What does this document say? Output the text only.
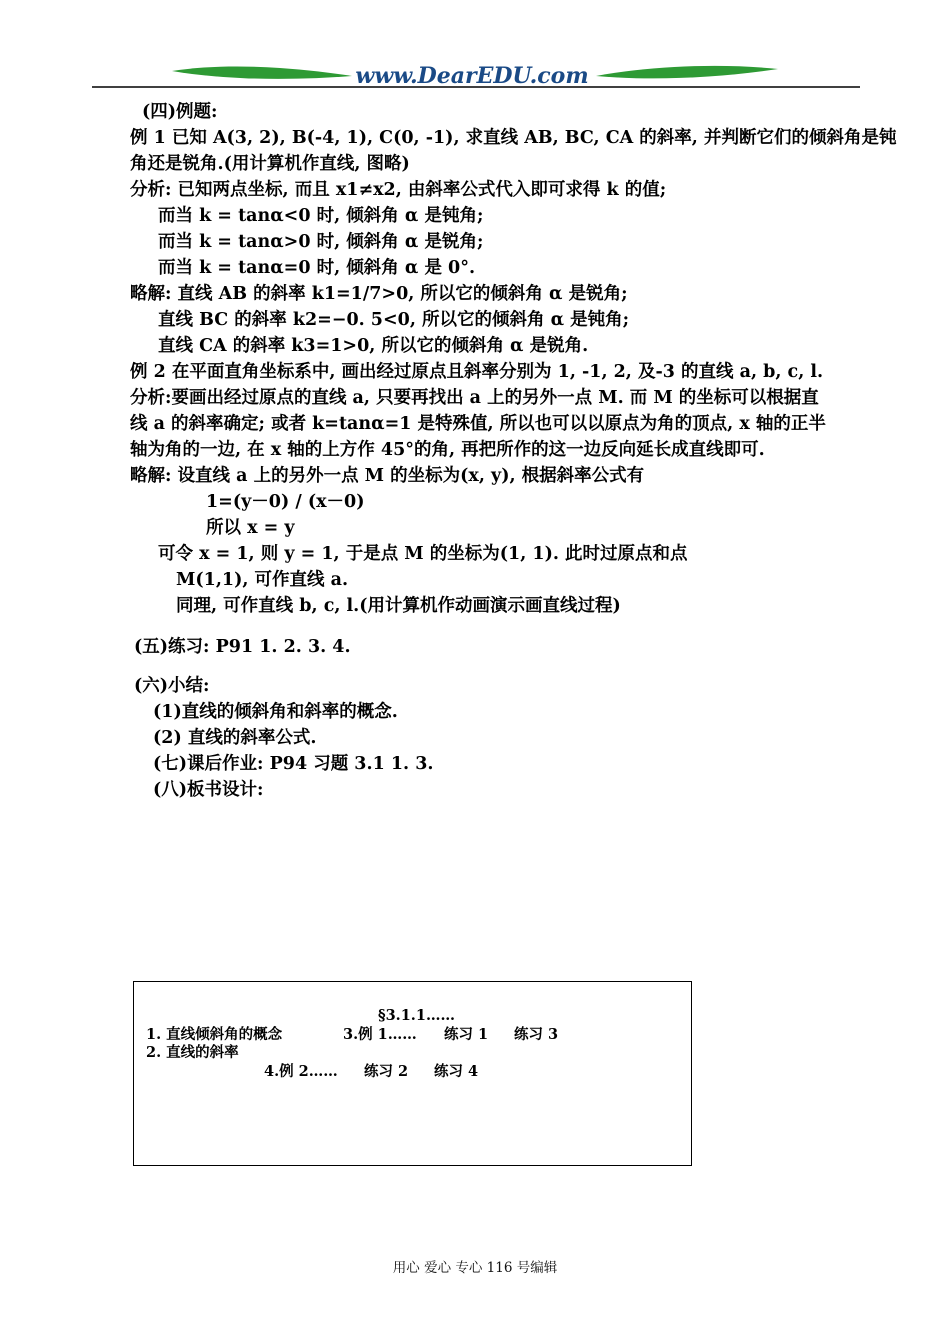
www.DearEDU.com
(四)例题:
例 1 已知 A(3, 2), B(-4, 1), C(0, -1), 求直线 AB, BC, CA 的斜率, 并判断它们的倾斜角是钝
角还是锐角.(用计算机作直线, 图略)
分析: 已知两点坐标, 而且 x1≠x2, 由斜率公式代入即可求得 k 的值;
而当 k = tanα<0 时, 倾斜角 α 是钝角;
而当 k = tanα>0 时, 倾斜角 α 是锐角;
而当 k = tanα=0 时, 倾斜角 α 是 0°.
略解: 直线 AB 的斜率 k1=1/7>0, 所以它的倾斜角 α 是锐角;
直线 BC 的斜率 k2=−0. 5<0, 所以它的倾斜角 α 是钝角;
直线 CA 的斜率 k3=1>0, 所以它的倾斜角 α 是锐角.
例 2 在平面直角坐标系中, 画出经过原点且斜率分别为 1, -1, 2, 及-3 的直线 a, b, c, l.
分析:要画出经过原点的直线 a, 只要再找出 a 上的另外一点 M. 而 M 的坐标可以根据直
线 a 的斜率确定; 或者 k=tanα=1 是特殊值, 所以也可以以原点为角的顶点, x 轴的正半
轴为角的一边, 在 x 轴的上方作 45°的角, 再把所作的这一边反向延长成直线即可.
略解: 设直线 a 上的另外一点 M 的坐标为(x, y), 根据斜率公式有
1=(y－0) / (x－0)
所以 x = y
可令 x = 1, 则 y = 1, 于是点 M 的坐标为(1, 1). 此时过原点和点
M(1,1), 可作直线 a.
同理, 可作直线 b, c, l.(用计算机作动画演示画直线过程)
(五)练习: P91 1. 2. 3. 4.
(六)小结:
(1)直线的倾斜角和斜率的概念.
(2) 直线的斜率公式.
(七)课后作业: P94 习题 3.1 1. 3.
(八)板书设计:
§3.1.1……
1. 直线倾斜角的概念	3.例 1…… 练习 1 练习 3
2. 直线的斜率
4.例 2…… 练习 2 练习 4
用心 爱心 专心 116 号编辑
